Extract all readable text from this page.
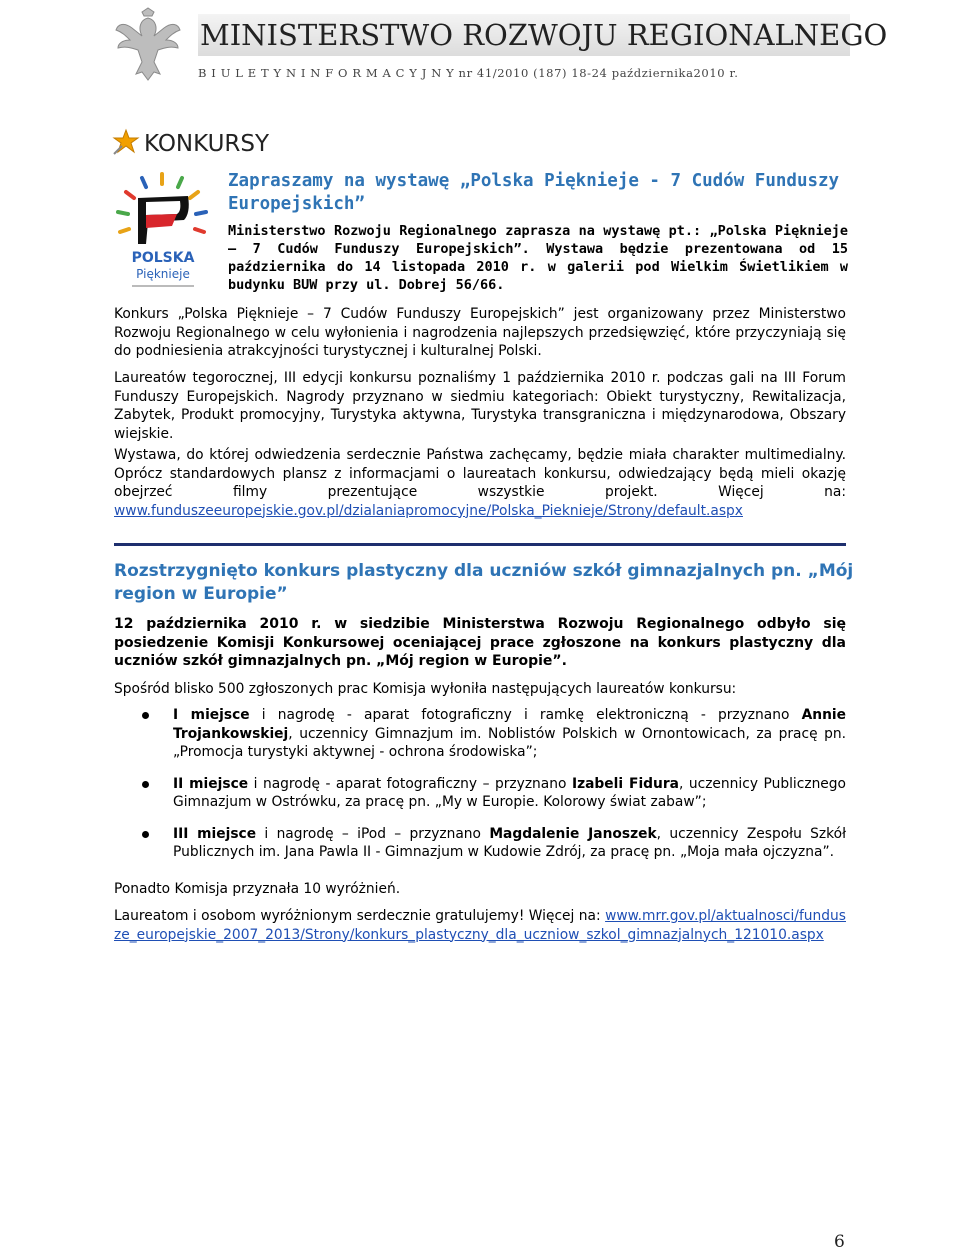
MINISTERSTWO ROZWOJU REGIONALNEGO
B I U L E T Y N I N F O R M A C Y J N Y nr 41/2010 (187) 18-24 października2010 r.
KONKURSY
POLSKA
Pięknieje
Zapraszamy na wystawę „Polska Pięknieje - 7 Cudów Funduszy Europejskich”
Ministerstwo Rozwoju Regionalnego zaprasza na wystawę pt.: „Polska Pięknieje – 7 Cudów Funduszy Europejskich”. Wystawa będzie prezentowana od 15 października do 14 listopada 2010 r. w galerii pod Wielkim Świetlikiem w budynku BUW przy ul. Dobrej 56/66.
Konkurs „Polska Pięknieje – 7 Cudów Funduszy Europejskich” jest organizowany przez Ministerstwo Rozwoju Regionalnego w celu wyłonienia i nagrodzenia najlepszych przedsięwzięć, które przyczyniają się do podniesienia atrakcyjności turystycznej i kulturalnej Polski.
Laureatów tegorocznej, III edycji konkursu poznaliśmy 1 października 2010 r. podczas gali na III Forum Funduszy Europejskich. Nagrody przyznano w siedmiu kategoriach: Obiekt turystyczny, Rewitalizacja, Zabytek, Produkt promocyjny, Turystyka aktywna, Turystyka transgraniczna i międzynarodowa, Obszary wiejskie.
Wystawa, do której odwiedzenia serdecznie Państwa zachęcamy, będzie miała charakter multimedialny. Oprócz standardowych plansz z informacjami o laureatach konkursu, odwiedzający będą mieli okazję obejrzeć filmy prezentujące wszystkie projekt. Więcej na: www.funduszeeuropejskie.gov.pl/dzialaniapromocyjne/Polska_Piekniejе/Strony/default.aspx
Rozstrzygnięto konkurs plastyczny dla uczniów szkół gimnazjalnych pn. „Mój region w Europie”
12 października 2010 r. w siedzibie Ministerstwa Rozwoju Regionalnego odbyło się posiedzenie Komisji Konkursowej oceniającej prace zgłoszone na konkurs plastyczny dla uczniów szkół gimnazjalnych pn. „Mój region w Europie”.
Spośród blisko 500 zgłoszonych prac Komisja wyłoniła następujących laureatów konkursu:
I miejsce i nagrodę - aparat fotograficzny i ramkę elektroniczną - przyznano Annie Trojankowskiej, uczennicy Gimnazjum im. Noblistów Polskich w Ornontowicach, za pracę pn. „Promocja turystyki aktywnej - ochrona środowiska”;
II miejsce i nagrodę - aparat fotograficzny – przyznano Izabeli Fidura, uczennicy Publicznego Gimnazjum w Ostrówku, za pracę pn. „My w Europie. Kolorowy świat zabaw”;
III miejsce i nagrodę – iPod – przyznano Magdalenie Janoszek, uczennicy Zespołu Szkół Publicznych im. Jana Pawla II - Gimnazjum w Kudowie Zdrój, za pracę pn. „Moja mała ojczyzna”.
Ponadto Komisja przyznała 10 wyróżnień.
Laureatom i osobom wyróżnionym serdecznie gratulujemy! Więcej na: www.mrr.gov.pl/aktualnosci/fundusze_europejskie_2007_2013/Strony/konkurs_plastyczny_dla_uczniow_szkol_gimnazjalnych_121010.aspx
6
